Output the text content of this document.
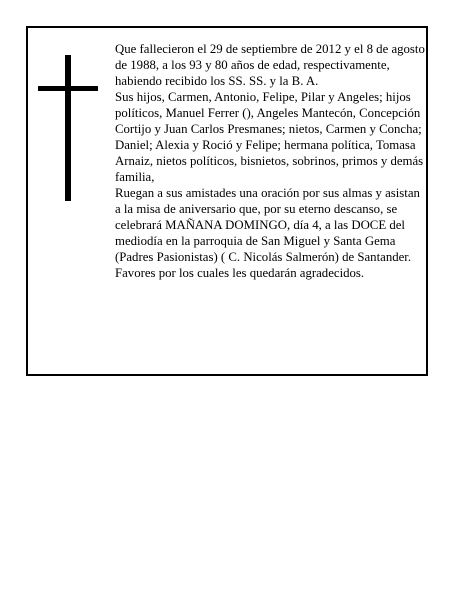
Que fallecieron el 29 de septiembre de 2012 y el 8 de agosto de 1988, a los 93 y 80 años de edad, respectivamente, habiendo recibido los SS. SS. y la B. A.

Sus hijos, Carmen, Antonio, Felipe, Pilar y Angeles; hijos políticos, Manuel Ferrer (), Angeles Mantecón, Concepción Cortijo y Juan Carlos Presmanes; nietos, Carmen y Concha; Daniel; Alexia y Roció y Felipe; hermana política, Tomasa Arnaiz, nietos políticos, bisnietos, sobrinos, primos y demás familia,

Ruegan a sus amistades una oración por sus almas y asistan a la misa de aniversario que, por su eterno descanso, se celebrará MAÑANA DOMINGO, día 4, a las DOCE del mediodía en la parroquia de San Miguel y Santa Gema (Padres Pasionistas) ( C. Nicolás Salmerón) de Santander. Favores por los cuales les quedarán agradecidos.
